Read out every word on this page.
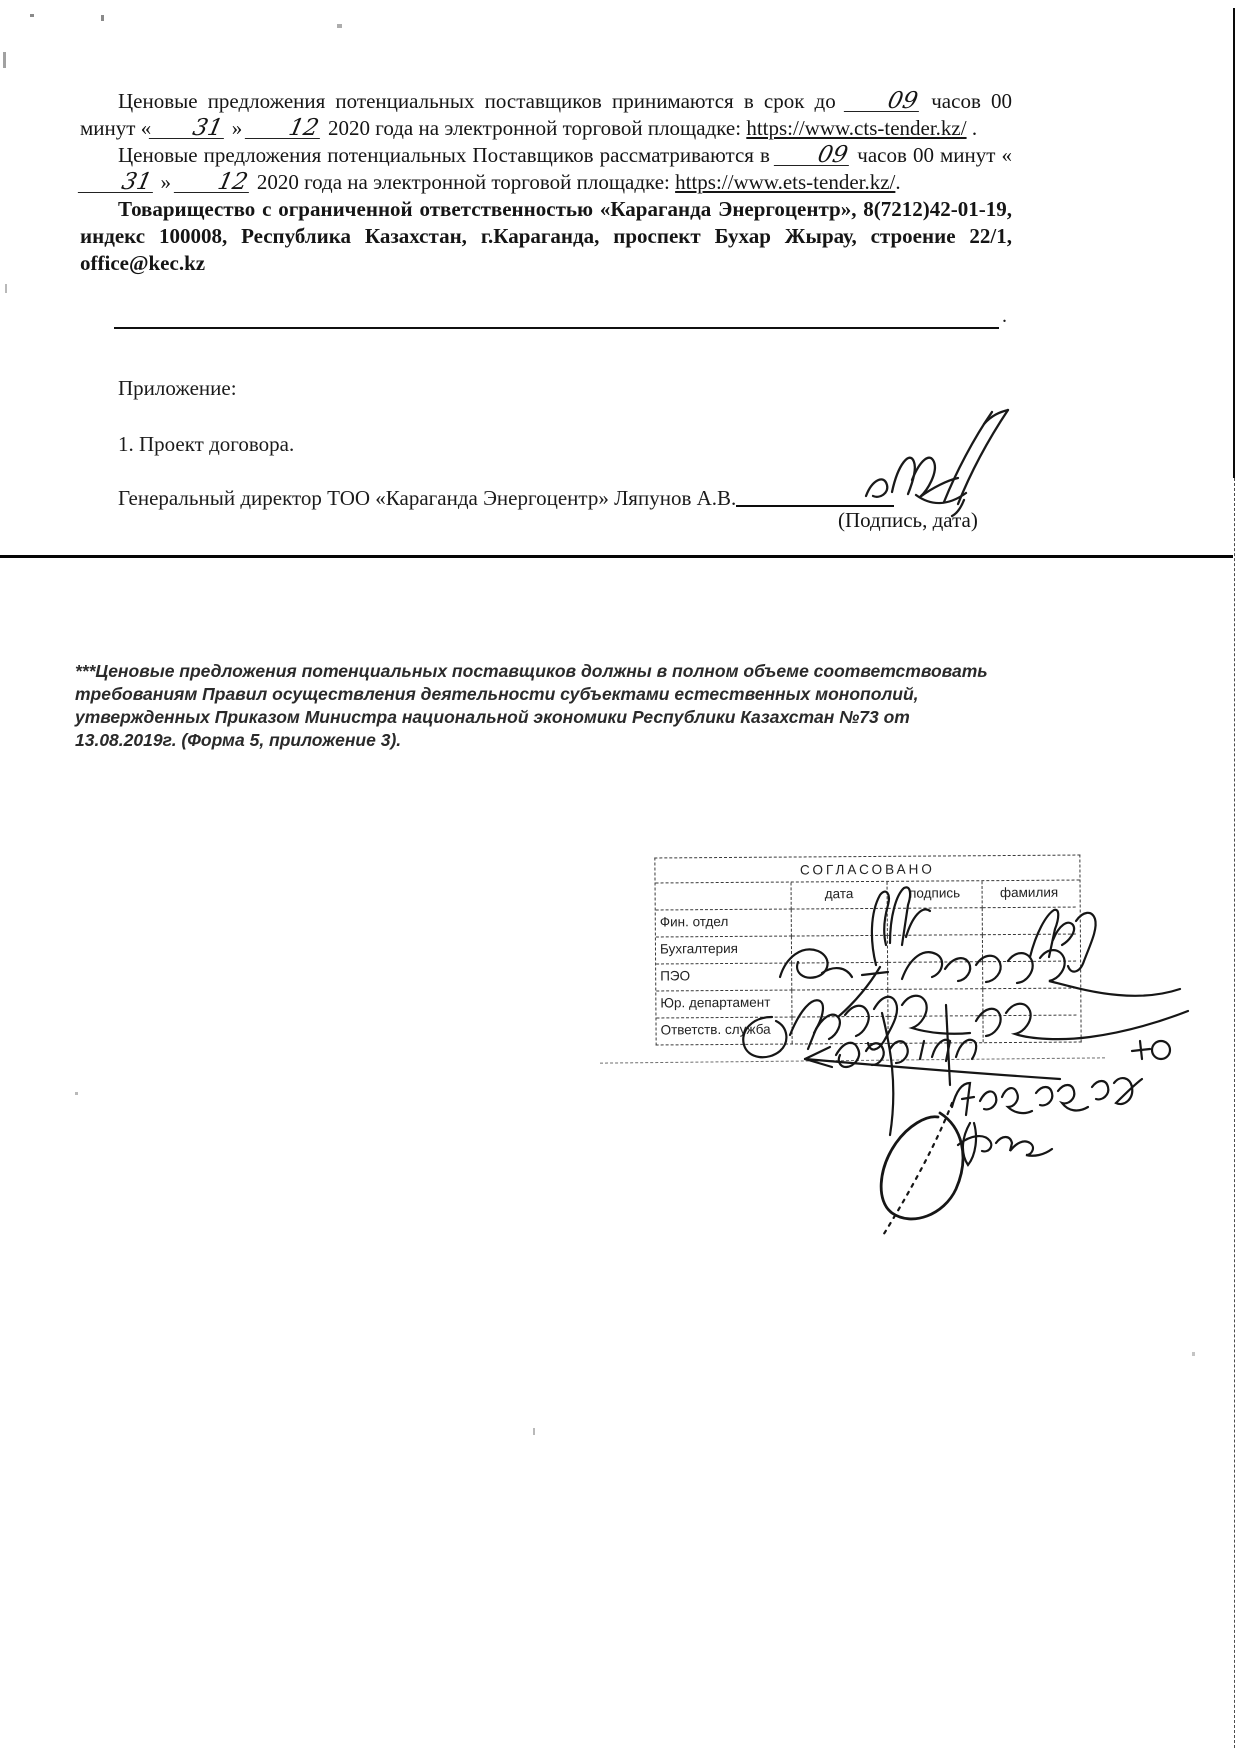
Ценовые предложения потенциальных поставщиков принимаются в срок до 09 часов 00 минут « 31 » 12 2020 года на электронной торговой площадке: https://www.cts-tender.kz/ .

Ценовые предложения потенциальных Поставщиков рассматриваются в 09 часов 00 минут «31 » 12 2020 года на электронной торговой площадке: https://www.ets-tender.kz/.

Товарищество с ограниченной ответственностью «Караганда Энергоцентр», 8(7212)42-01-19, индекс 100008, Республика Казахстан, г.Караганда, проспект Бухар Жырау, строение 22/1, office@kec.kz

.
Приложение:
1. Проект договора.
Генеральный директор ТОО «Караганда Энергоцентр» Ляпунов А.В.
(Подпись, дата)
***Ценовые предложения потенциальных поставщиков должны в полном объеме соответствовать требованиям Правил осуществления деятельности субъектами естественных монополий, утвержденных Приказом Министра национальной экономики Республики Казахстан №73 от 13.08.2019г. (Форма 5, приложение 3).
СОГЛАСОВАНО
дата	подпись	фамилия
Фин. отдел
Бухгалтерия
ПЭО
Юр. департамент
Ответств. служба
